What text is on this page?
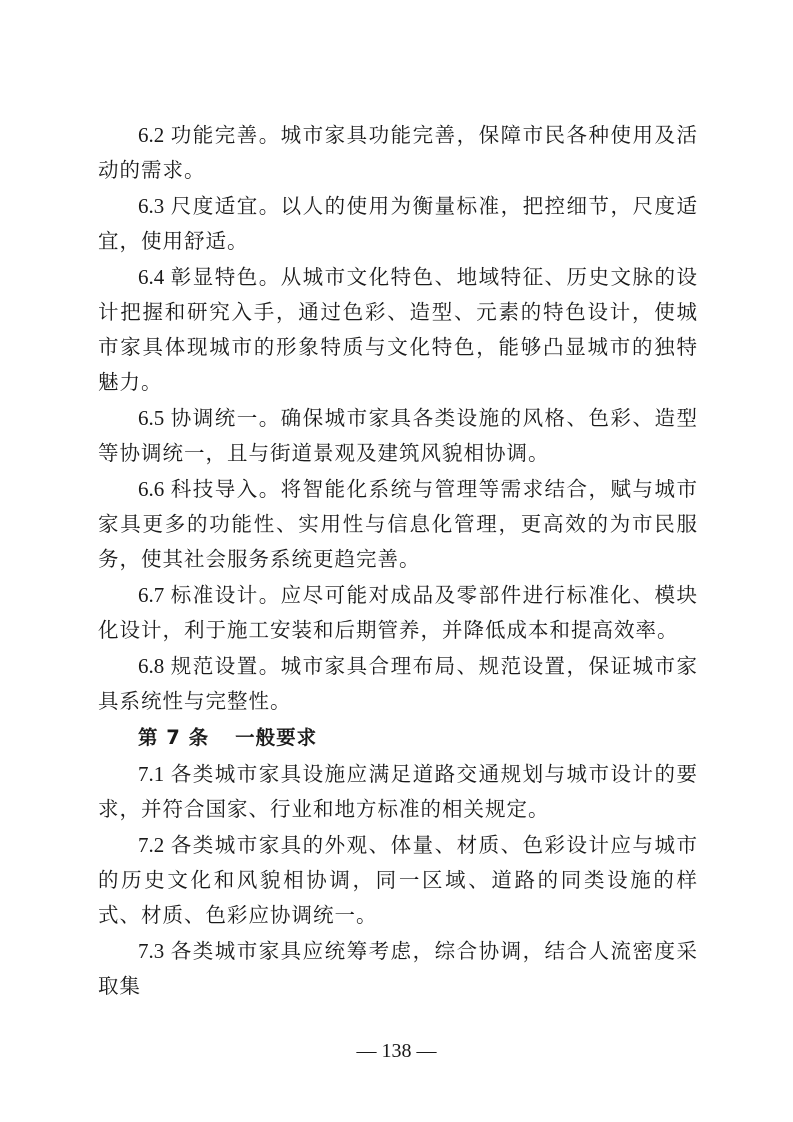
6.2 功能完善。城市家具功能完善，保障市民各种使用及活动的需求。

6.3 尺度适宜。以人的使用为衡量标准，把控细节，尺度适宜，使用舒适。

6.4 彰显特色。从城市文化特色、地域特征、历史文脉的设计把握和研究入手，通过色彩、造型、元素的特色设计，使城市家具体现城市的形象特质与文化特色，能够凸显城市的独特魅力。

6.5 协调统一。确保城市家具各类设施的风格、色彩、造型等协调统一，且与街道景观及建筑风貌相协调。

6.6 科技导入。将智能化系统与管理等需求结合，赋与城市家具更多的功能性、实用性与信息化管理，更高效的为市民服务，使其社会服务系统更趋完善。

6.7 标准设计。应尽可能对成品及零部件进行标准化、模块化设计，利于施工安装和后期管养，并降低成本和提高效率。

6.8 规范设置。城市家具合理布局、规范设置，保证城市家具系统性与完整性。

第 7 条 一般要求

7.1 各类城市家具设施应满足道路交通规划与城市设计的要求，并符合国家、行业和地方标准的相关规定。

7.2 各类城市家具的外观、体量、材质、色彩设计应与城市的历史文化和风貌相协调，同一区域、道路的同类设施的样式、材质、色彩应协调统一。

7.3 各类城市家具应统筹考虑，综合协调，结合人流密度采取集

— 138 —
